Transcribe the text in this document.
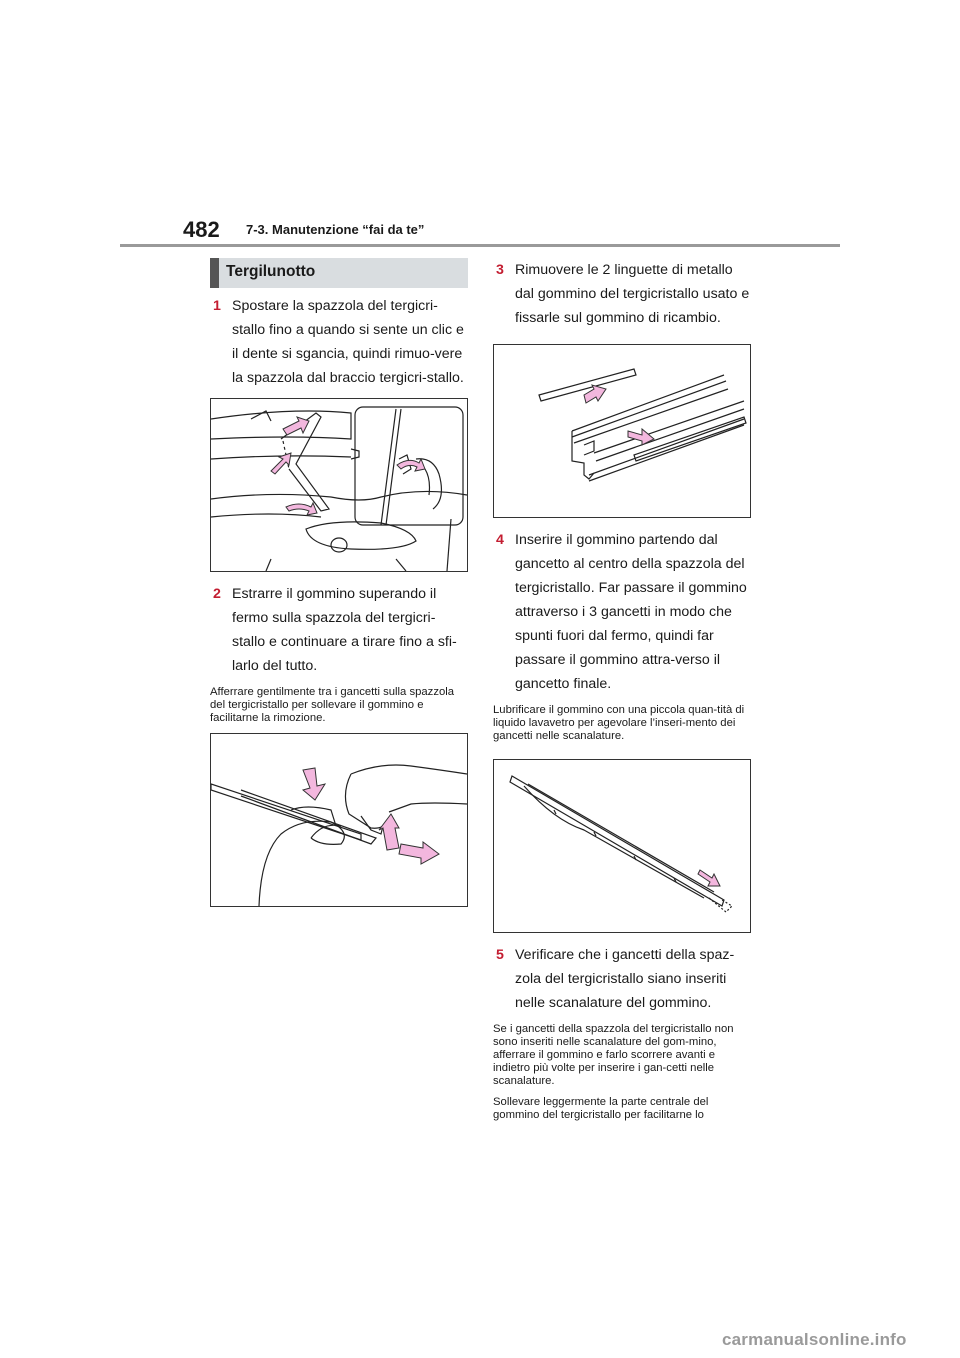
482 7-3. Manutenzione “fai da te”
Tergilunotto
1 Spostare la spazzola del tergicri-stallo fino a quando si sente un clic e il dente si sgancia, quindi rimuo-vere la spazzola dal braccio tergicri-stallo.
2 Estrarre il gommino superando il fermo sulla spazzola del tergicri-stallo e continuare a tirare fino a sfi-larlo del tutto.

Afferrare gentilmente tra i gancetti sulla spazzola del tergicristallo per sollevare il gommino e facilitarne la rimozione.

3 Rimuovere le 2 linguette di metallo dal gommino del tergicristallo usato e fissarle sul gommino di ricambio.
4 Inserire il gommino partendo dal gancetto al centro della spazzola del tergicristallo. Far passare il gommino attraverso i 3 gancetti in modo che spunti fuori dal fermo, quindi far passare il gommino attra-verso il gancetto finale.

Lubrificare il gommino con una piccola quan-tità di liquido lavavetro per agevolare l’inseri-mento dei gancetti nelle scanalature.

5 Verificare che i gancetti della spaz-zola del tergicristallo siano inseriti nelle scanalature del gommino.

Se i gancetti della spazzola del tergicristallo non sono inseriti nelle scanalature del gom-mino, afferrare il gommino e farlo scorrere avanti e indietro più volte per inserire i gan-cetti nelle scanalature.

Sollevare leggermente la parte centrale del gommino del tergicristallo per facilitarne lo

carmanualsonline.info
